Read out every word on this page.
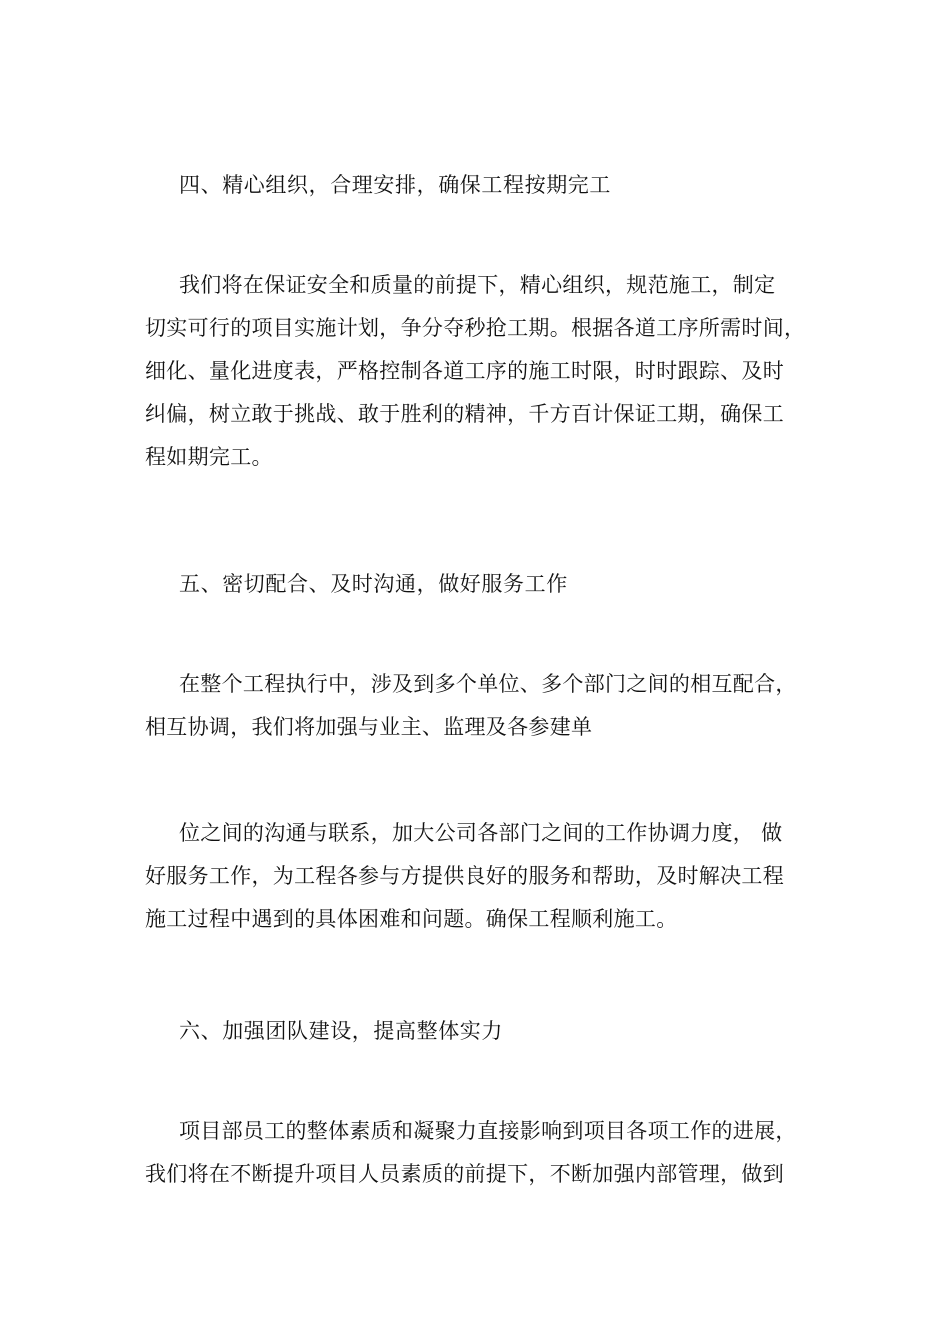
四、精心组织，合理安排，确保工程按期完工

我们将在保证安全和质量的前提下，精心组织，规范施工，制定
切实可行的项目实施计划，争分夺秒抢工期。根据各道工序所需时间，
细化、量化进度表，严格控制各道工序的施工时限，时时跟踪、及时
纠偏，树立敢于挑战、敢于胜利的精神，千方百计保证工期，确保工
程如期完工。

五、密切配合、及时沟通，做好服务工作

在整个工程执行中，涉及到多个单位、多个部门之间的相互配合，
相互协调，我们将加强与业主、监理及各参建单

位之间的沟通与联系，加大公司各部门之间的工作协调力度， 做
好服务工作，为工程各参与方提供良好的服务和帮助，及时解决工程
施工过程中遇到的具体困难和问题。确保工程顺利施工。

六、加强团队建设，提高整体实力

项目部员工的整体素质和凝聚力直接影响到项目各项工作的进展，
我们将在不断提升项目人员素质的前提下，不断加强内部管理，做到
